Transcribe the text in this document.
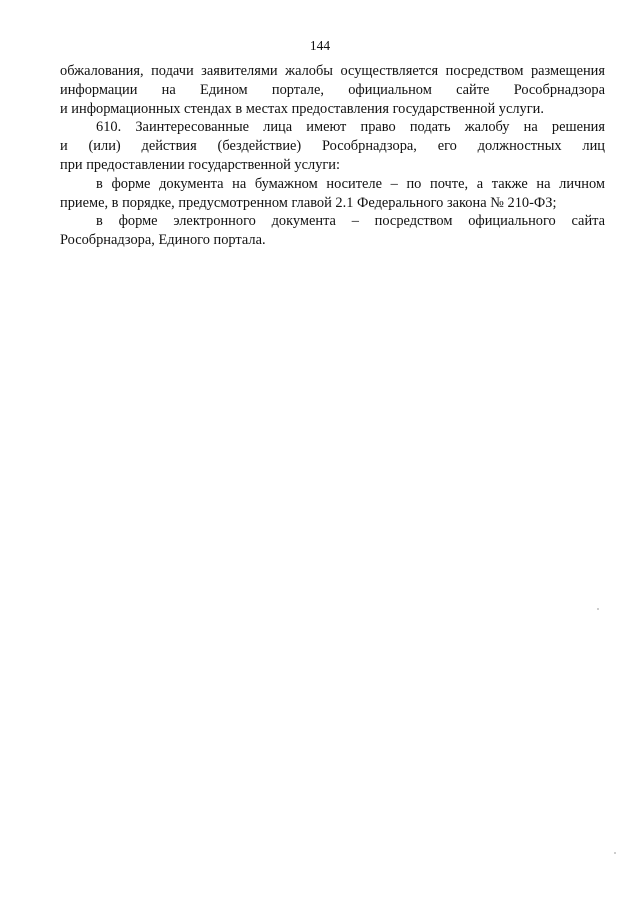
144

обжалования, подачи заявителями жалобы осуществляется посредством размещения
информации на Едином портале, официальном сайте Рособрнадзора
и информационных стендах в местах предоставления государственной услуги.

610. Заинтересованные лица имеют право подать жалобу на решения
и (или) действия (бездействие) Рособрнадзора, его должностных лиц
при предоставлении государственной услуги:

в форме документа на бумажном носителе – по почте, а также на личном
приеме, в порядке, предусмотренном главой 2.1 Федерального закона № 210-ФЗ;

в форме электронного документа – посредством официального сайта
Рособрнадзора, Единого портала.
